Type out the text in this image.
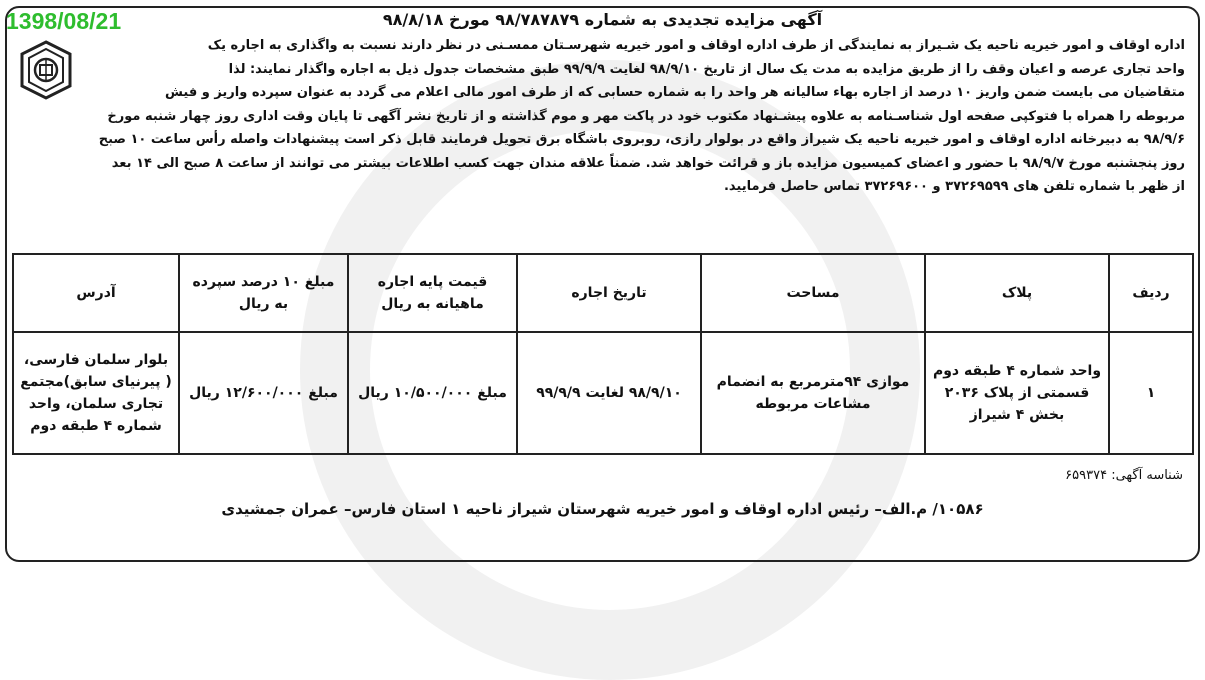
1398/08/21	آگهی مزایده تجدیدی به شماره ۹۸/۷۸۷۸۷۹ مورخ ۹۸/۸/۱۸
اداره اوقاف و امور خیریه ناحیه یک شـیراز به نمایندگی از طرف اداره اوقاف و امور خیریه شهرسـتان ممسـنی در نظر دارند نسبت به واگذاری به اجاره یک
واحد تجاری عرصه و اعیان وقف را از طریق مزایده به مدت یک سال از تاریخ ۹۸/۹/۱۰ لغایت ۹۹/۹/۹ طبق مشخصات جدول ذیل به اجاره واگذار نمایند: لذا
متقاضیان می بایست ضمن واریز ۱۰ درصد از اجاره بهاء سالیانه هر واحد را به شماره حسابی که از طرف امور مالی اعلام می گردد به عنوان سپرده واریز و فیش
مربوطه را همراه با فتوکپی صفحه اول شناسـنامه به علاوه پیشـنهاد مکتوب خود در پاکت مهر و موم گذاشته و از تاریخ نشر آگهی تا پایان وقت اداری روز چهار شنبه مورخ
۹۸/۹/۶ به دبیرخانه اداره اوقاف و امور خیریه ناحیه یک شیراز واقع در بولوار رازی، روبروی باشگاه برق تحویل فرمایند قابل ذکر است پیشنهادات واصله رأس ساعت ۱۰ صبح
روز پنجشنبه مورخ ۹۸/۹/۷ با حضور و اعضای کمیسیون مزایده باز و قرائت خواهد شد. ضمناً علاقه مندان جهت کسب اطلاعات بیشتر می توانند از ساعت ۸ صبح الی ۱۴ بعد
از ظهر با شماره تلفن های ۳۷۲۶۹۵۹۹ و ۳۷۲۶۹۶۰۰ تماس حاصل فرمایید.
ردیف	پلاک	مساحت	تاریخ اجاره	قیمت پایه اجاره ماهیانه به ریال	مبلغ ۱۰ درصد سپرده به ریال	آدرس
۱	واحد شماره ۴ طبقه دوم قسمتی از پلاک ۲۰۳۶ بخش ۴ شیراز	موازی ۹۴مترمربع به انضمام مشاعات مربوطه	۹۸/۹/۱۰ لغایت ۹۹/۹/۹	مبلغ ۱۰/۵۰۰/۰۰۰ ریال	مبلغ ۱۲/۶۰۰/۰۰۰ ریال	بلوار سلمان فارسی، ( پیرنیای سابق)مجتمع تجاری سلمان، واحد شماره ۴ طبقه دوم
شناسه آگهی: ۶۵۹۳۷۴
۱۰۵۸۶/ م.الف– رئیس اداره اوقاف و امور خیریه شهرستان شیراز ناحیه ۱ استان فارس– عمران جمشیدی
